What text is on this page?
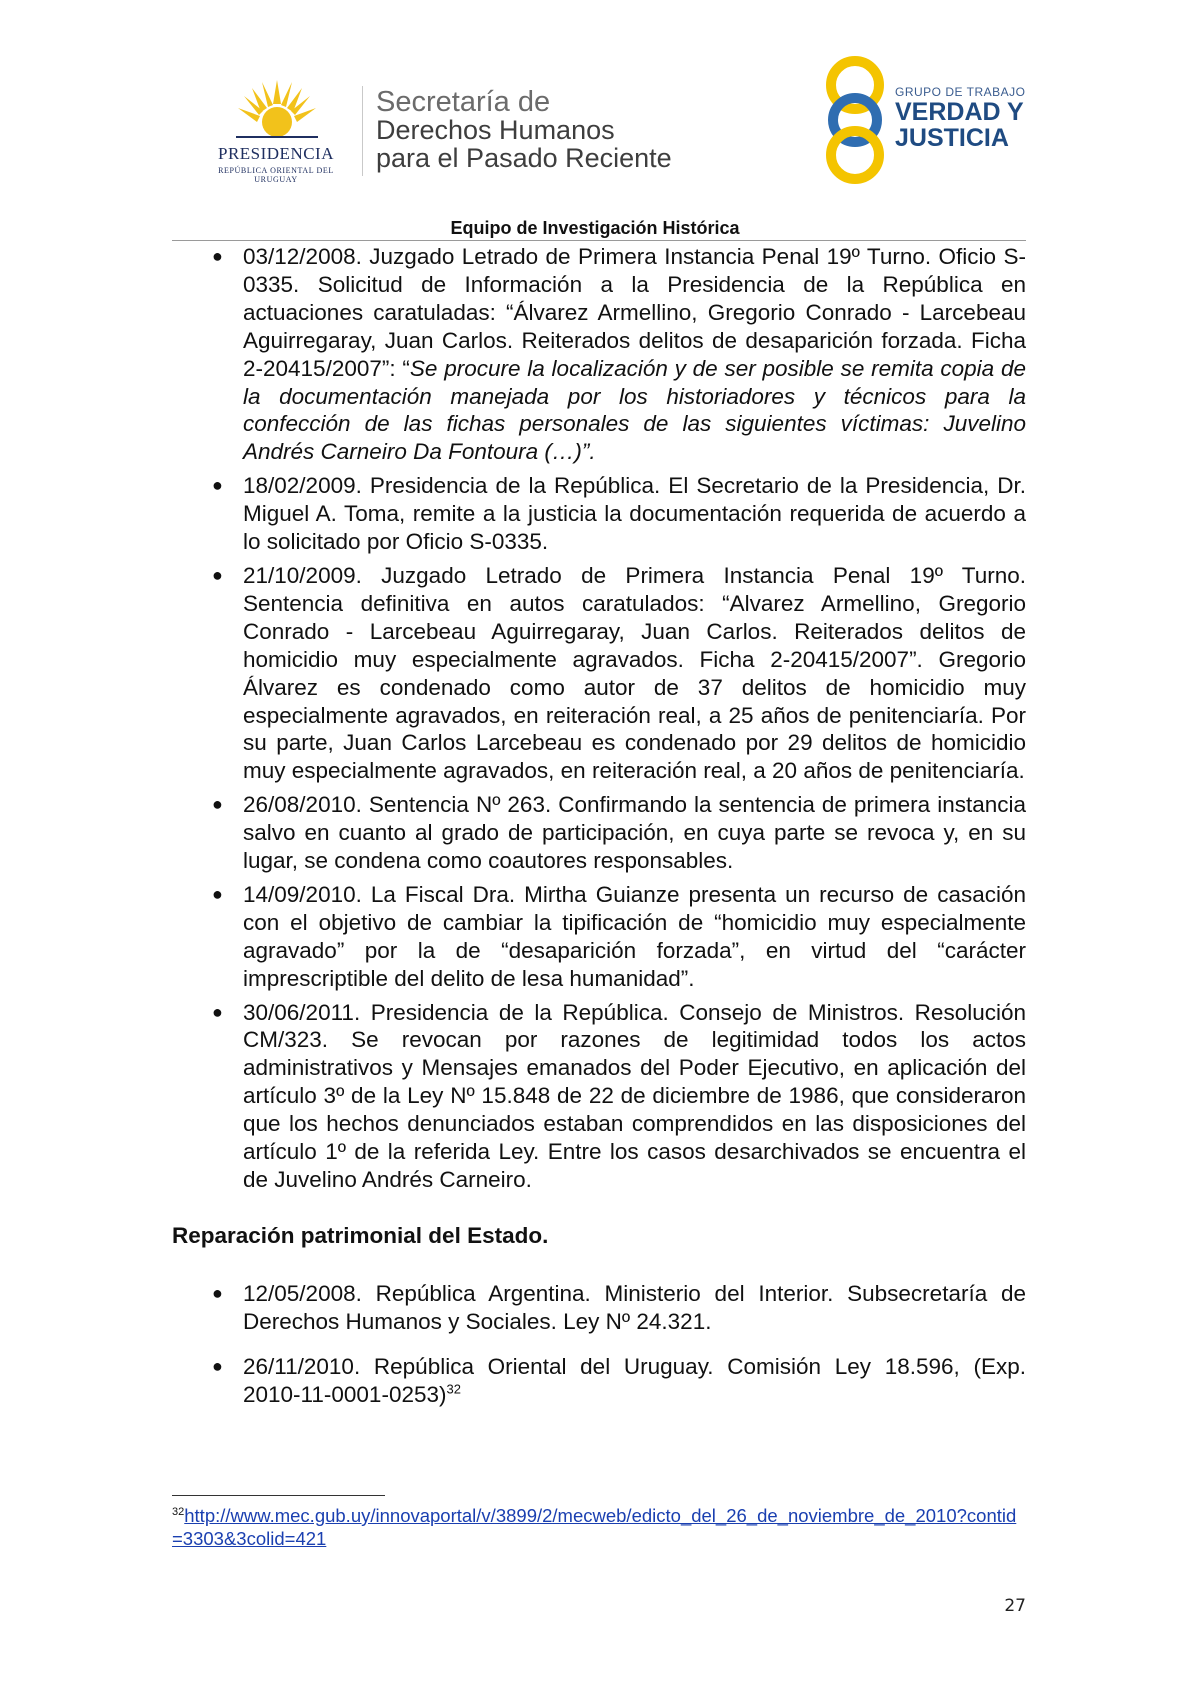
PRESIDENCIA
REPÚBLICA ORIENTAL DEL URUGUAY
Secretaría de
Derechos Humanos
para el Pasado Reciente
GRUPO DE TRABAJO
VERDAD Y
JUSTICIA
Equipo de Investigación Histórica
● 03/12/2008. Juzgado Letrado de Primera Instancia Penal 19º Turno. Oficio S-0335. Solicitud de Información a la Presidencia de la República en actuaciones caratuladas: “Álvarez Armellino, Gregorio Conrado - Larcebeau Aguirregaray, Juan Carlos. Reiterados delitos de desaparición forzada. Ficha 2-20415/2007”: “Se procure la localización y de ser posible se remita copia de la documentación manejada por los historiadores y técnicos para la confección de las fichas personales de las siguientes víctimas: Juvelino Andrés Carneiro Da Fontoura (…)”.
● 18/02/2009. Presidencia de la República. El Secretario de la Presidencia, Dr. Miguel A. Toma, remite a la justicia la documentación requerida de acuerdo a lo solicitado por Oficio S-0335.
● 21/10/2009. Juzgado Letrado de Primera Instancia Penal 19º Turno. Sentencia definitiva en autos caratulados: “Alvarez Armellino, Gregorio Conrado - Larcebeau Aguirregaray, Juan Carlos. Reiterados delitos de homicidio muy especialmente agravados. Ficha 2-20415/2007”. Gregorio Álvarez es condenado como autor de 37 delitos de homicidio muy especialmente agravados, en reiteración real, a 25 años de penitenciaría. Por su parte, Juan Carlos Larcebeau es condenado por 29 delitos de homicidio muy especialmente agravados, en reiteración real, a 20 años de penitenciaría.
● 26/08/2010. Sentencia Nº 263. Confirmando la sentencia de primera instancia salvo en cuanto al grado de participación, en cuya parte se revoca y, en su lugar, se condena como coautores responsables.
● 14/09/2010. La Fiscal Dra. Mirtha Guianze presenta un recurso de casación con el objetivo de cambiar la tipificación de “homicidio muy especialmente agravado” por la de “desaparición forzada”, en virtud del “carácter imprescriptible del delito de lesa humanidad”.
● 30/06/2011. Presidencia de la República. Consejo de Ministros. Resolución CM/323. Se revocan por razones de legitimidad todos los actos administrativos y Mensajes emanados del Poder Ejecutivo, en aplicación del artículo 3º de la Ley Nº 15.848 de 22 de diciembre de 1986, que consideraron que los hechos denunciados estaban comprendidos en las disposiciones del artículo 1º de la referida Ley. Entre los casos desarchivados se encuentra el de Juvelino Andrés Carneiro.
Reparación patrimonial del Estado.
● 12/05/2008. República Argentina. Ministerio del Interior. Subsecretaría de Derechos Humanos y Sociales. Ley Nº 24.321.
● 26/11/2010. República Oriental del Uruguay. Comisión Ley 18.596, (Exp. 2010-11-0001-0253)$^{32}$
$^{32}$http://www.mec.gub.uy/innovaportal/v/3899/2/mecweb/edicto_del_26_de_noviembre_de_2010?contid=3303&3colid=421
27
